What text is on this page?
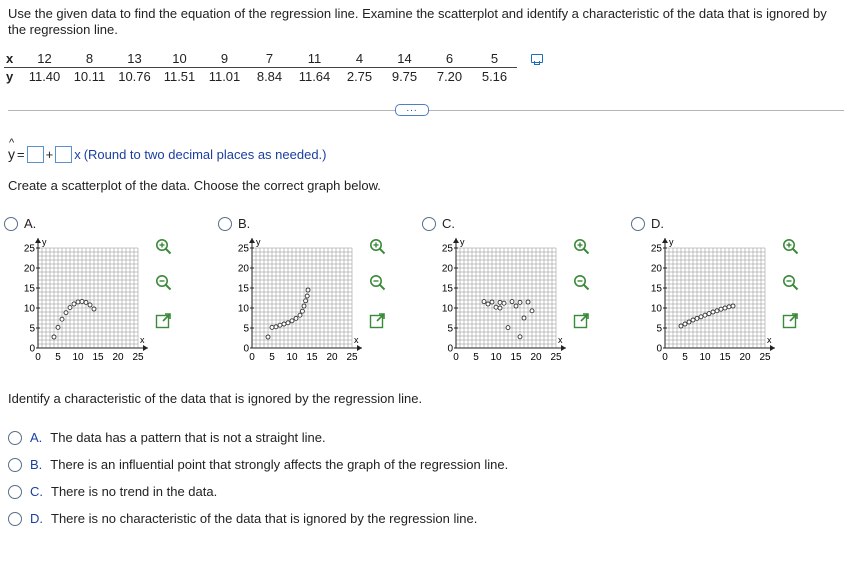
Use the given data to find the equation of the regression line. Examine the scatterplot and identify a characteristic of the data that is ignored by the regression line.
x	12	8	13	10	9	7	11	4	14	6	5
y	11.40	10.11	10.76	11.51	11.01	8.84	11.64	2.75	9.75	7.20	5.16
...
^ y = + x (Round to two decimal places as needed.)
Create a scatterplot of the data. Choose the correct graph below.
A.
y
x
0 5 10 15 20 25
0
5
10
15
20
25
B.
y
x
0 5 10 15 20 25
0
5
10
15
20
25
C.
y
x
0 5 10 15 20 25
0
5
10
15
20
25
D.
y
x
0 5 10 15 20 25
0
5
10
15
20
25
Identify a characteristic of the data that is ignored by the regression line.
A. The data has a pattern that is not a straight line.
B. There is an influential point that strongly affects the graph of the regression line.
C. There is no trend in the data.
D. There is no characteristic of the data that is ignored by the regression line.
